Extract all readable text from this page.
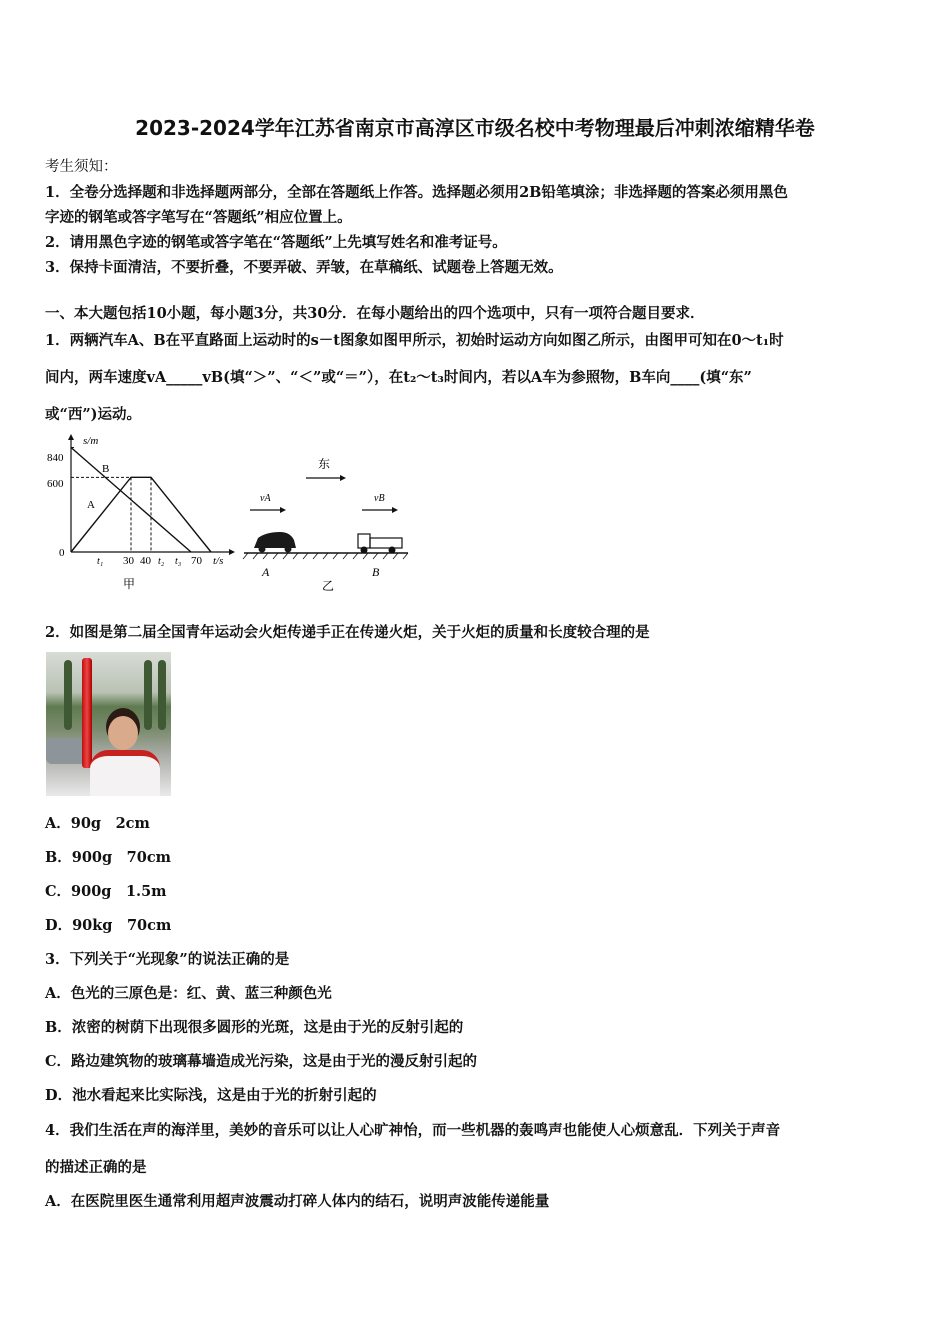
2023-2024学年江苏省南京市高淳区市级名校中考物理最后冲刺浓缩精华卷
考生须知：
1．全卷分选择题和非选择题两部分，全部在答题纸上作答。选择题必须用2B铅笔填涂；非选择题的答案必须用黑色
字迹的钢笔或答字笔写在“答题纸”相应位置上。
2．请用黑色字迹的钢笔或答字笔在“答题纸”上先填写姓名和准考证号。
3．保持卡面清洁，不要折叠，不要弄破、弄皱，在草稿纸、试题卷上答题无效。
一、本大题包括10小题，每小题3分，共30分．在每小题给出的四个选项中，只有一项符合题目要求．
1．两辆汽车A、B在平直路面上运动时的s－t图象如图甲所示，初始时运动方向如图乙所示，由图甲可知在0～t₁时
间内，两车速度vA_____vB(填“＞”、“＜”或“＝”），在t₂～t₃时间内，若以A车为参照物，B车向____(填“东”
或“西”)运动。
s/m
t/s
840
600
0
t₁ 30 40 t₂ t₃ 70
A
B
甲
东
vA	vB
A	B
乙
2．如图是第二届全国青年运动会火炬传递手正在传递火炬，关于火炬的质量和长度较合理的是
A．90g　2cm
B．900g　70cm
C．900g　1.5m
D．90kg　70cm
3．下列关于“光现象”的说法正确的是
A．色光的三原色是：红、黄、蓝三种颜色光
B．浓密的树荫下出现很多圆形的光斑，这是由于光的反射引起的
C．路边建筑物的玻璃幕墙造成光污染，这是由于光的漫反射引起的
D．池水看起来比实际浅，这是由于光的折射引起的
4．我们生活在声的海洋里，美妙的音乐可以让人心旷神怡，而一些机器的轰鸣声也能使人心烦意乱．下列关于声音
的描述正确的是
A．在医院里医生通常利用超声波震动打碎人体内的结石，说明声波能传递能量
